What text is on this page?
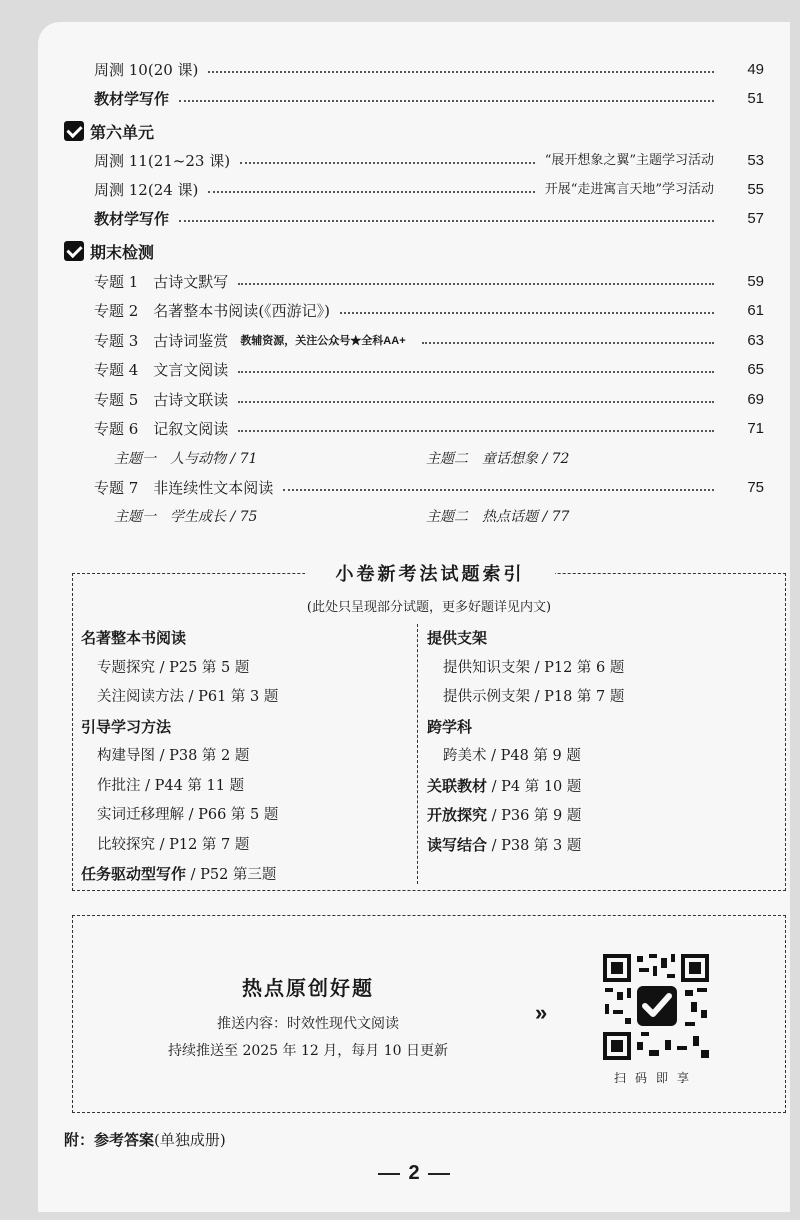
周测 10(20 课)	49
教材学写作	51
第六单元
周测 11(21~23 课)	“展开想象之翼”主题学习活动	53
周测 12(24 课)	开展“走进寓言天地”学习活动	55
教材学写作	57
期末检测
专题 1　古诗文默写	59
专题 2　名著整本书阅读(《西游记》)	61
专题 3　古诗词鉴赏 教辅资源，关注公众号★全科AA+	63
专题 4　文言文阅读	65
专题 5　古诗文联读	69
专题 6　记叙文阅读	71
主题一　人与动物 / 71	主题二　童话想象 / 72
专题 7　非连续性文本阅读	75
主题一　学生成长 / 75	主题二　热点话题 / 77
小卷新考法试题索引
(此处只呈现部分试题，更多好题详见内文)
名著整本书阅读
专题探究 / P25 第 5 题
关注阅读方法 / P61 第 3 题
引导学习方法
构建导图 / P38 第 2 题
作批注 / P44 第 11 题
实词迁移理解 / P66 第 5 题
比较探究 / P12 第 7 题
任务驱动型写作 / P52 第三题
提供支架
提供知识支架 / P12 第 6 题
提供示例支架 / P18 第 7 题
跨学科
跨美术 / P48 第 9 题
关联教材 / P4 第 10 题
开放探究 / P36 第 9 题
读写结合 / P38 第 3 题
热点原创好题
推送内容：时效性现代文阅读
持续推送至 2025 年 12 月，每月 10 日更新
»
扫码即享
附：参考答案(单独成册)
2
